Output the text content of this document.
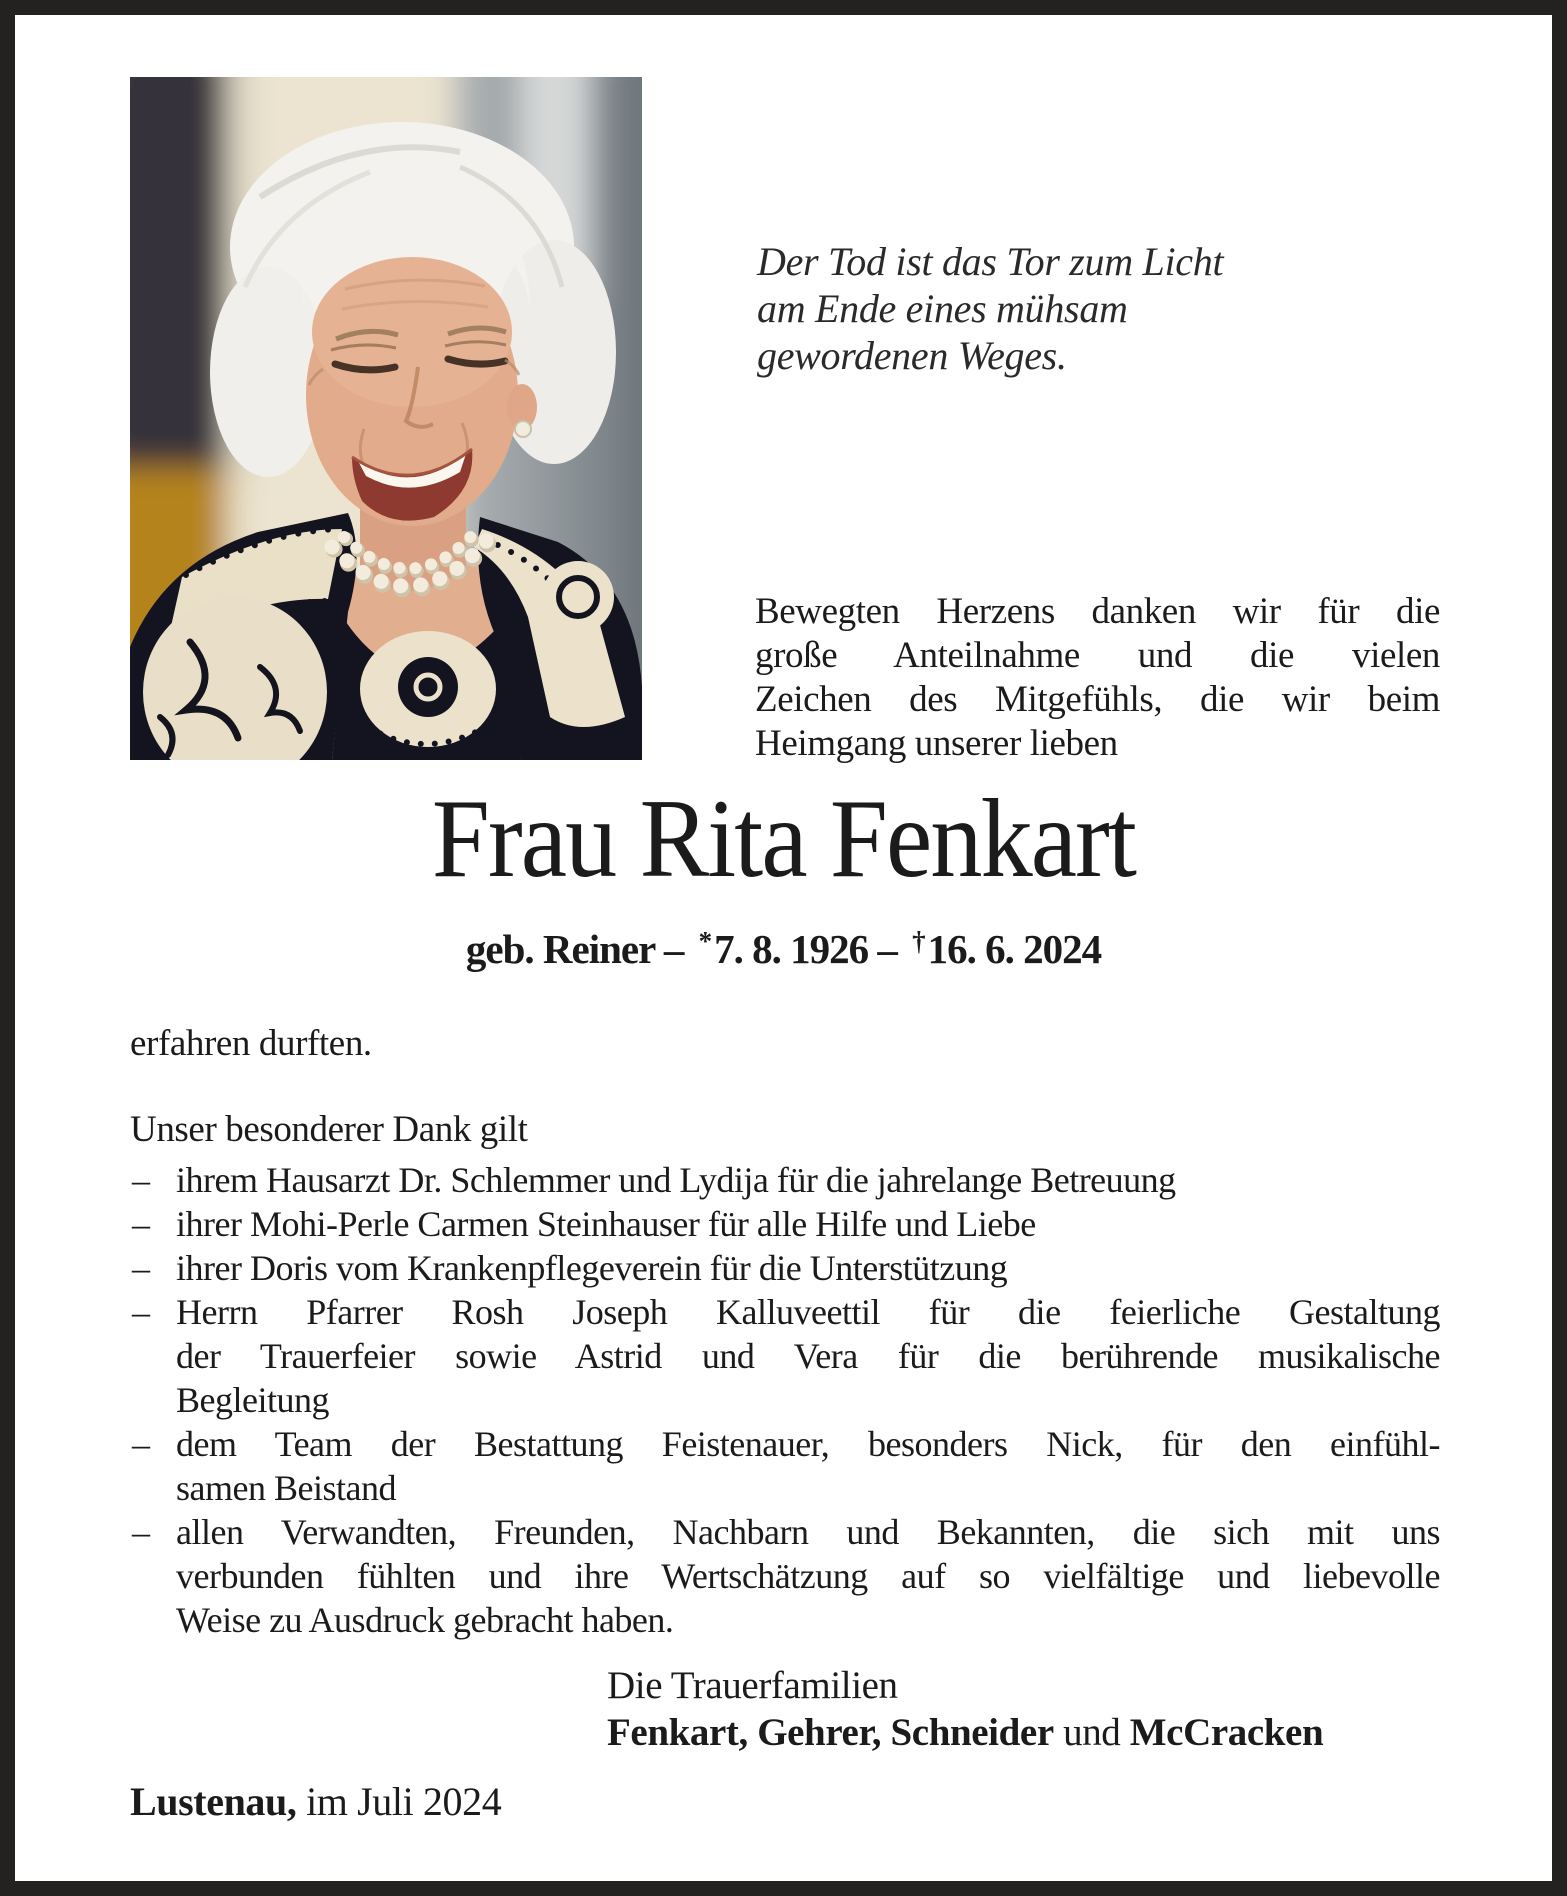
Der Tod ist das Tor zum Licht
am Ende eines mühsam
gewordenen Weges.
Bewegten Herzens danken wir für die
große Anteilnahme und die vielen
Zeichen des Mitgefühls, die wir beim
Heimgang unserer lieben
Frau Rita Fenkart
geb. Reiner – *7. 8. 1926 – †16. 6. 2024
erfahren durften.
Unser besonderer Dank gilt
– ihrem Hausarzt Dr. Schlemmer und Lydija für die jahrelange Betreuung
– ihrer Mohi-Perle Carmen Steinhauser für alle Hilfe und Liebe
– ihrer Doris vom Krankenpflegeverein für die Unterstützung
– Herrn Pfarrer Rosh Joseph Kalluveettil für die feierliche Gestaltung
der Trauerfeier sowie Astrid und Vera für die berührende musikalische
Begleitung
– dem Team der Bestattung Feistenauer, besonders Nick, für den einfühl-
samen Beistand
– allen Verwandten, Freunden, Nachbarn und Bekannten, die sich mit uns
verbunden fühlten und ihre Wertschätzung auf so vielfältige und liebevolle
Weise zu Ausdruck gebracht haben.
Die Trauerfamilien
Fenkart, Gehrer, Schneider und McCracken
Lustenau, im Juli 2024
